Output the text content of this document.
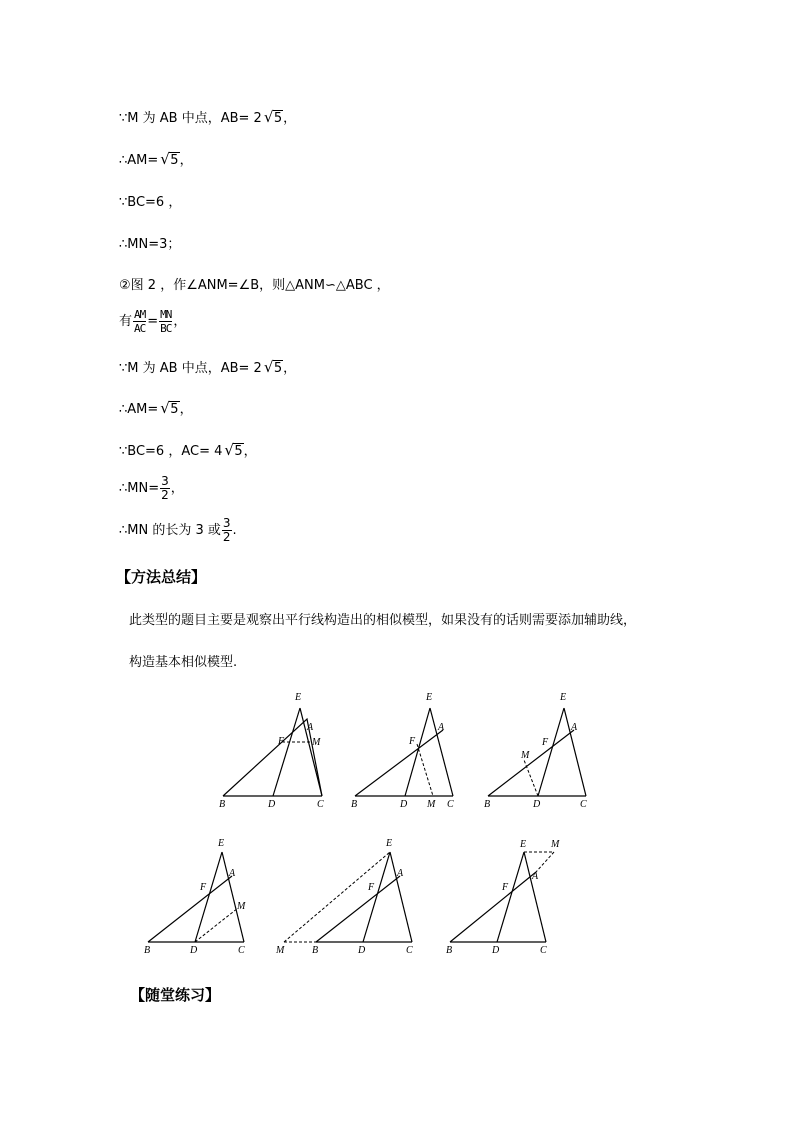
∵M 为 AB 中点，AB= 2 √ 5，
∴AM= √ 5，
∵BC=6 ，
∴MN=3；
②图 2 ，作∠ANM=∠B，则△ANM∽△ABC ，
有 $\frac{AM}{AC} = \frac{MN}{BC}$ ，
∵M 为 AB 中点，AB= 2 √ 5，
∴AM= √ 5，
∵BC=6 ，AC= 4 √ 5，
∴MN= $\frac{3}{2}$ ，
∴MN 的长为 3 或 $\frac{3}{2}$ .
【方法总结】
此类型的题目主要是观察出平行线构造出的相似模型，如果没有的话则需要添加辅助线，
构造基本相似模型.
E
A
F	M
B	D	C
E
A
F
B	D M C
E
A
F
M
B	D	C
E
A
F
M
B	D	C
E
A
F
M	B	D	C
E M
A
F
B	D	C
【随堂练习】
